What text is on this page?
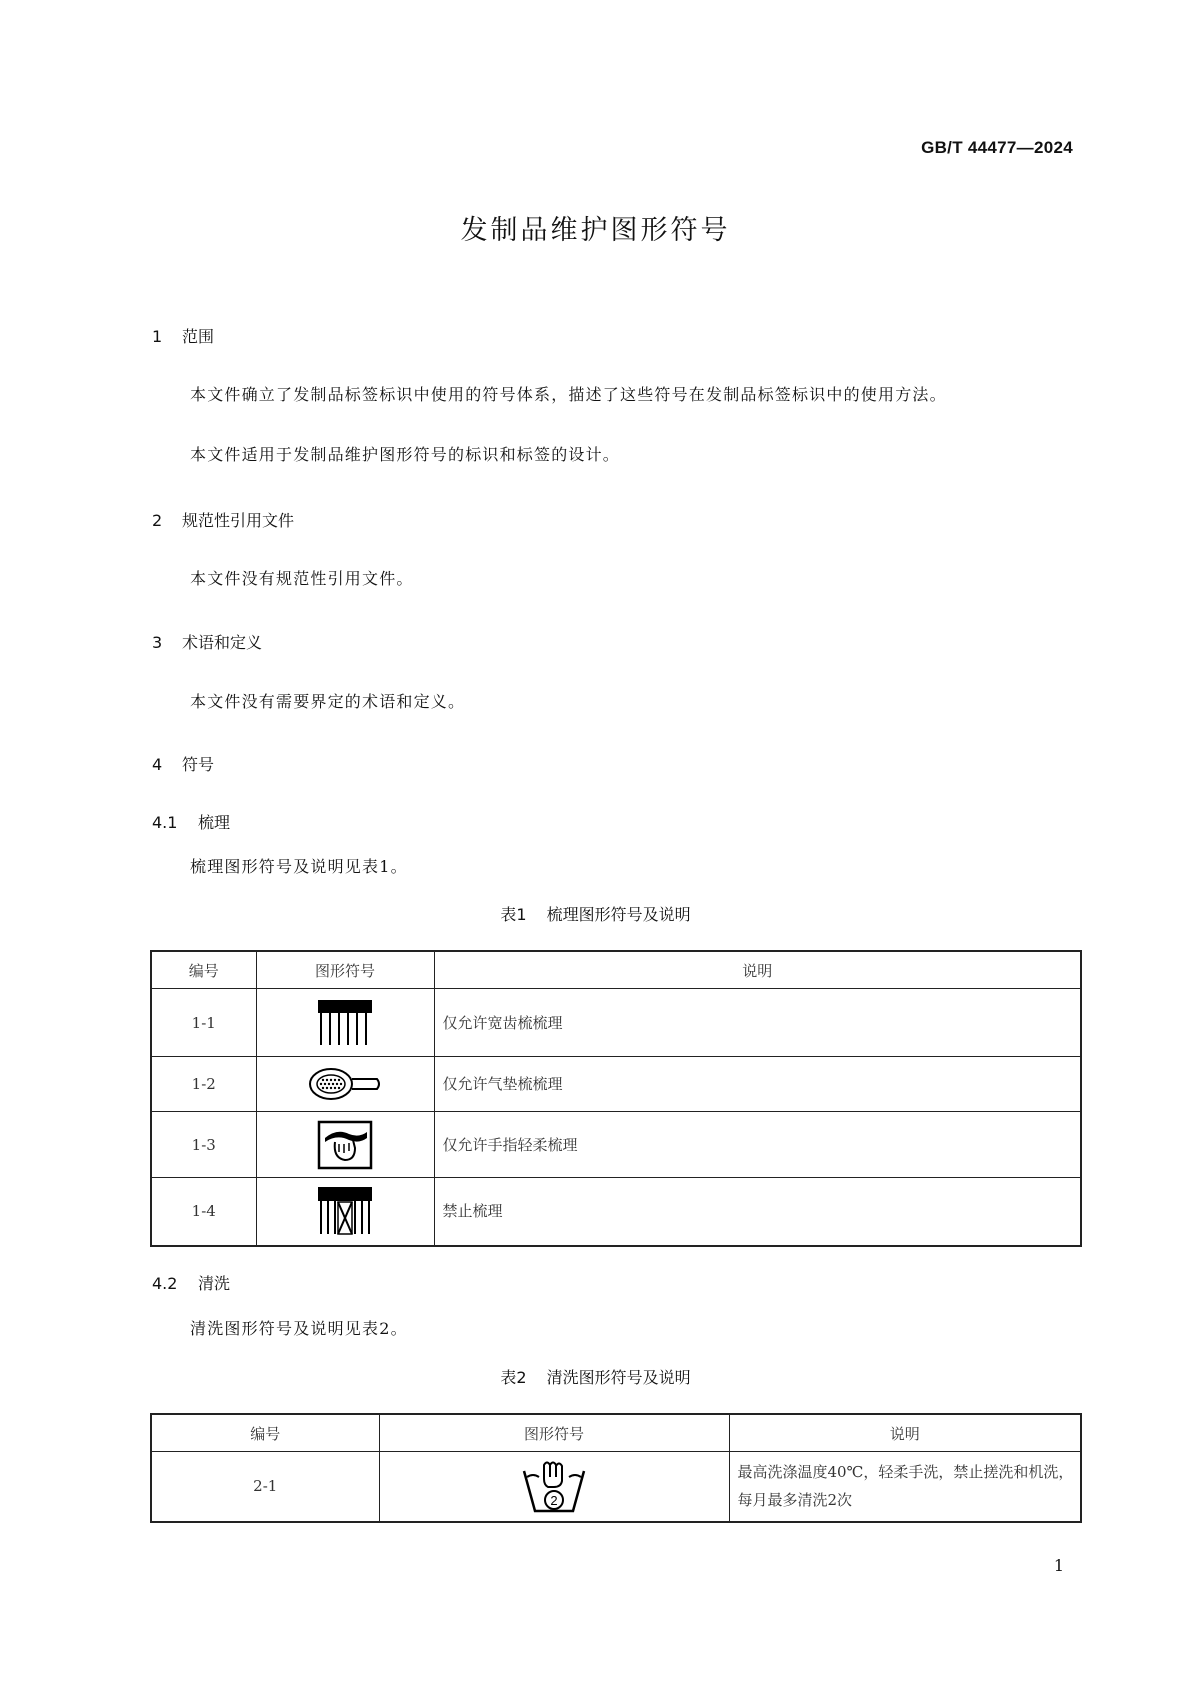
GB/T 44477—2024
发制品维护图形符号
1 范围
本文件确立了发制品标签标识中使用的符号体系，描述了这些符号在发制品标签标识中的使用方法。
本文件适用于发制品维护图形符号的标识和标签的设计。
2 规范性引用文件
本文件没有规范性引用文件。
3 术语和定义
本文件没有需要界定的术语和定义。
4 符号
4.1 梳理
梳理图形符号及说明见表1。
表1 梳理图形符号及说明
编号	图形符号	说明
1-1		仅允许宽齿梳梳理
1-2		仅允许气垫梳梳理
1-3		仅允许手指轻柔梳理
1-4		禁止梳理
4.2 清洗
清洗图形符号及说明见表2。
表2 清洗图形符号及说明
编号	图形符号	说明
2-1	2	最高洗涤温度40℃，轻柔手洗，禁止搓洗和机洗，每月最多清洗2次
1
